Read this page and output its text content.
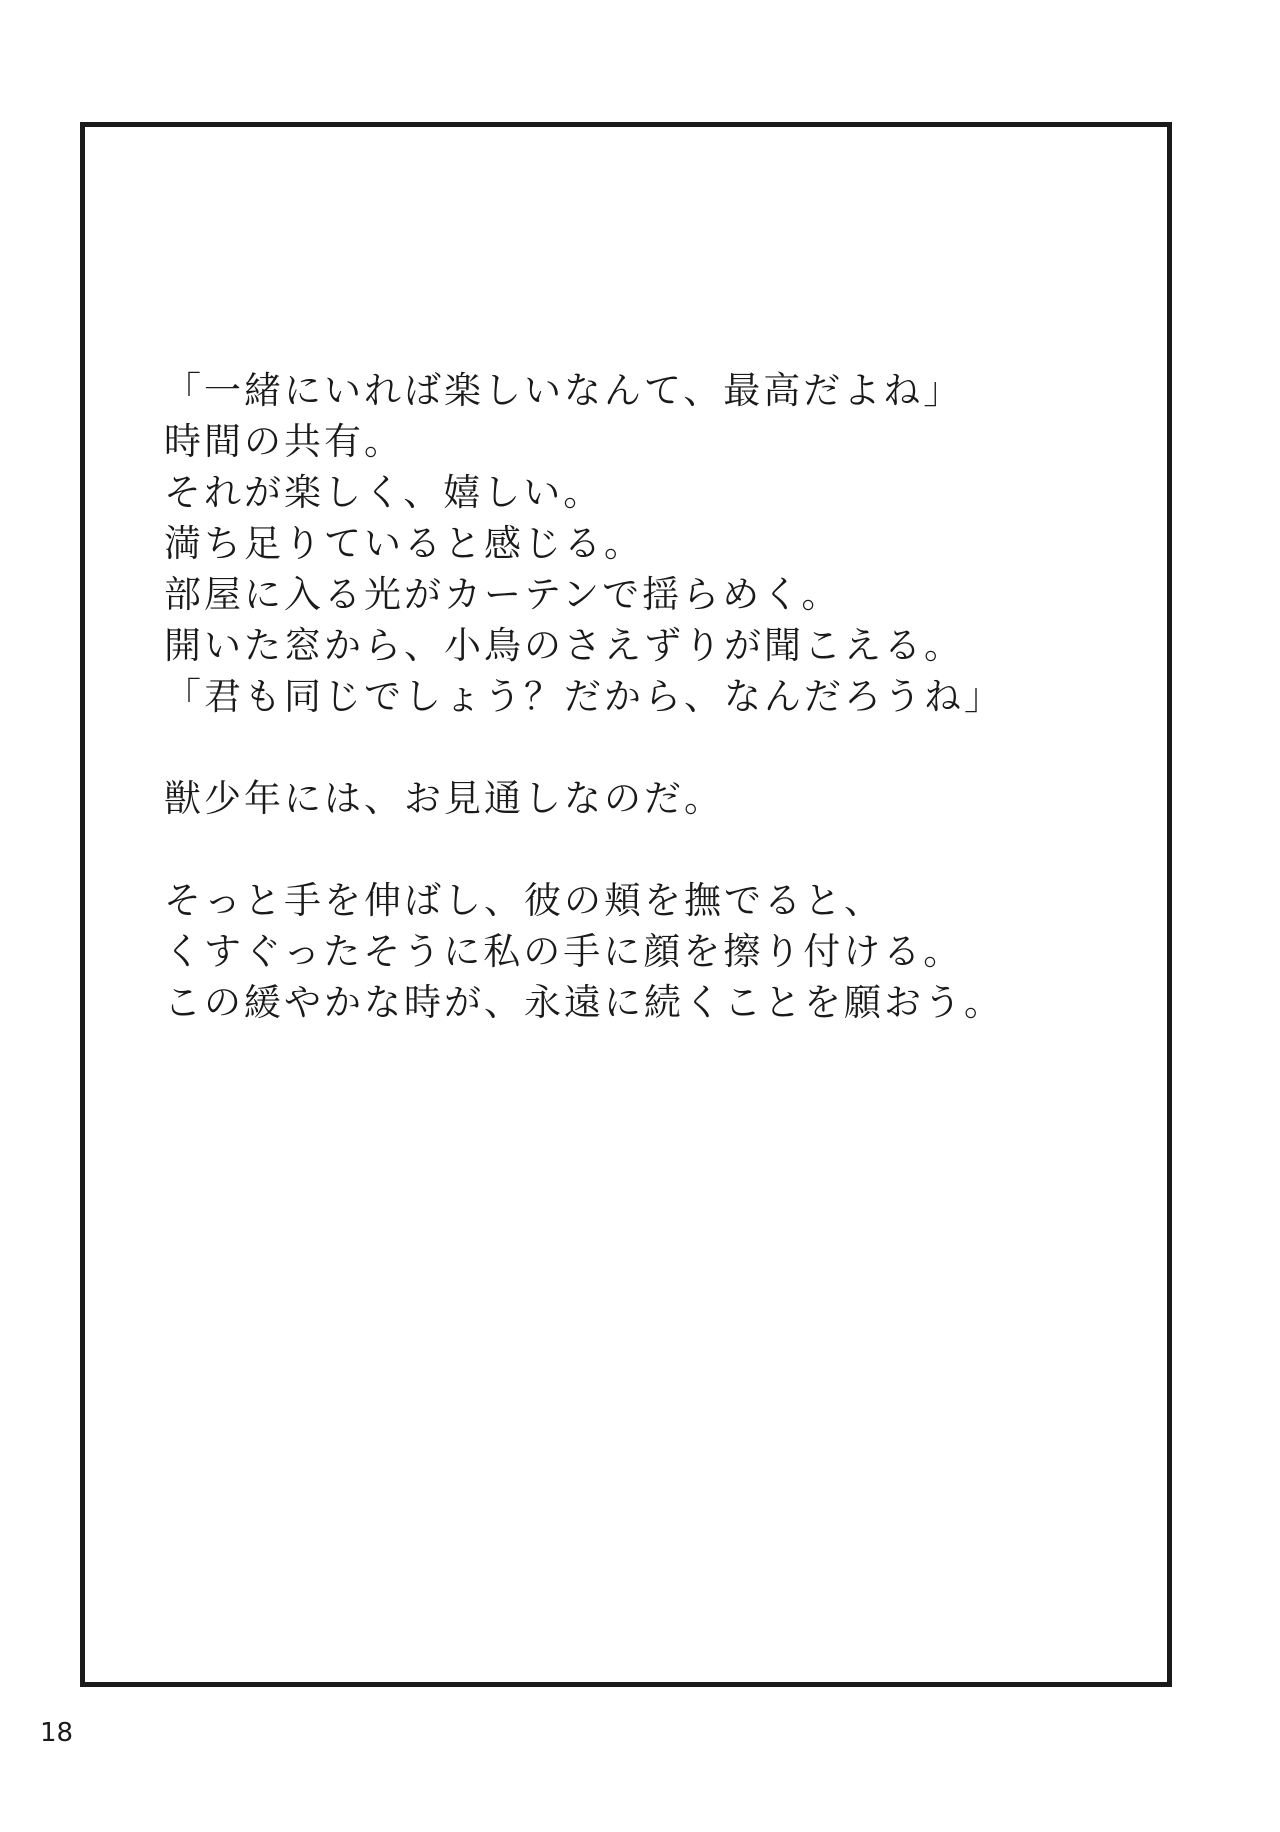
「一緒にいれば楽しいなんて、最高だよね」
時間の共有。
それが楽しく、嬉しい。
満ち足りていると感じる。
部屋に入る光がカーテンで揺らめく。
開いた窓から、小鳥のさえずりが聞こえる。
「君も同じでしょう？だから、なんだろうね」
獣少年には、お見通しなのだ。
そっと手を伸ばし、彼の頬を撫でると、
くすぐったそうに私の手に顔を擦り付ける。
この緩やかな時が、永遠に続くことを願おう。
18
